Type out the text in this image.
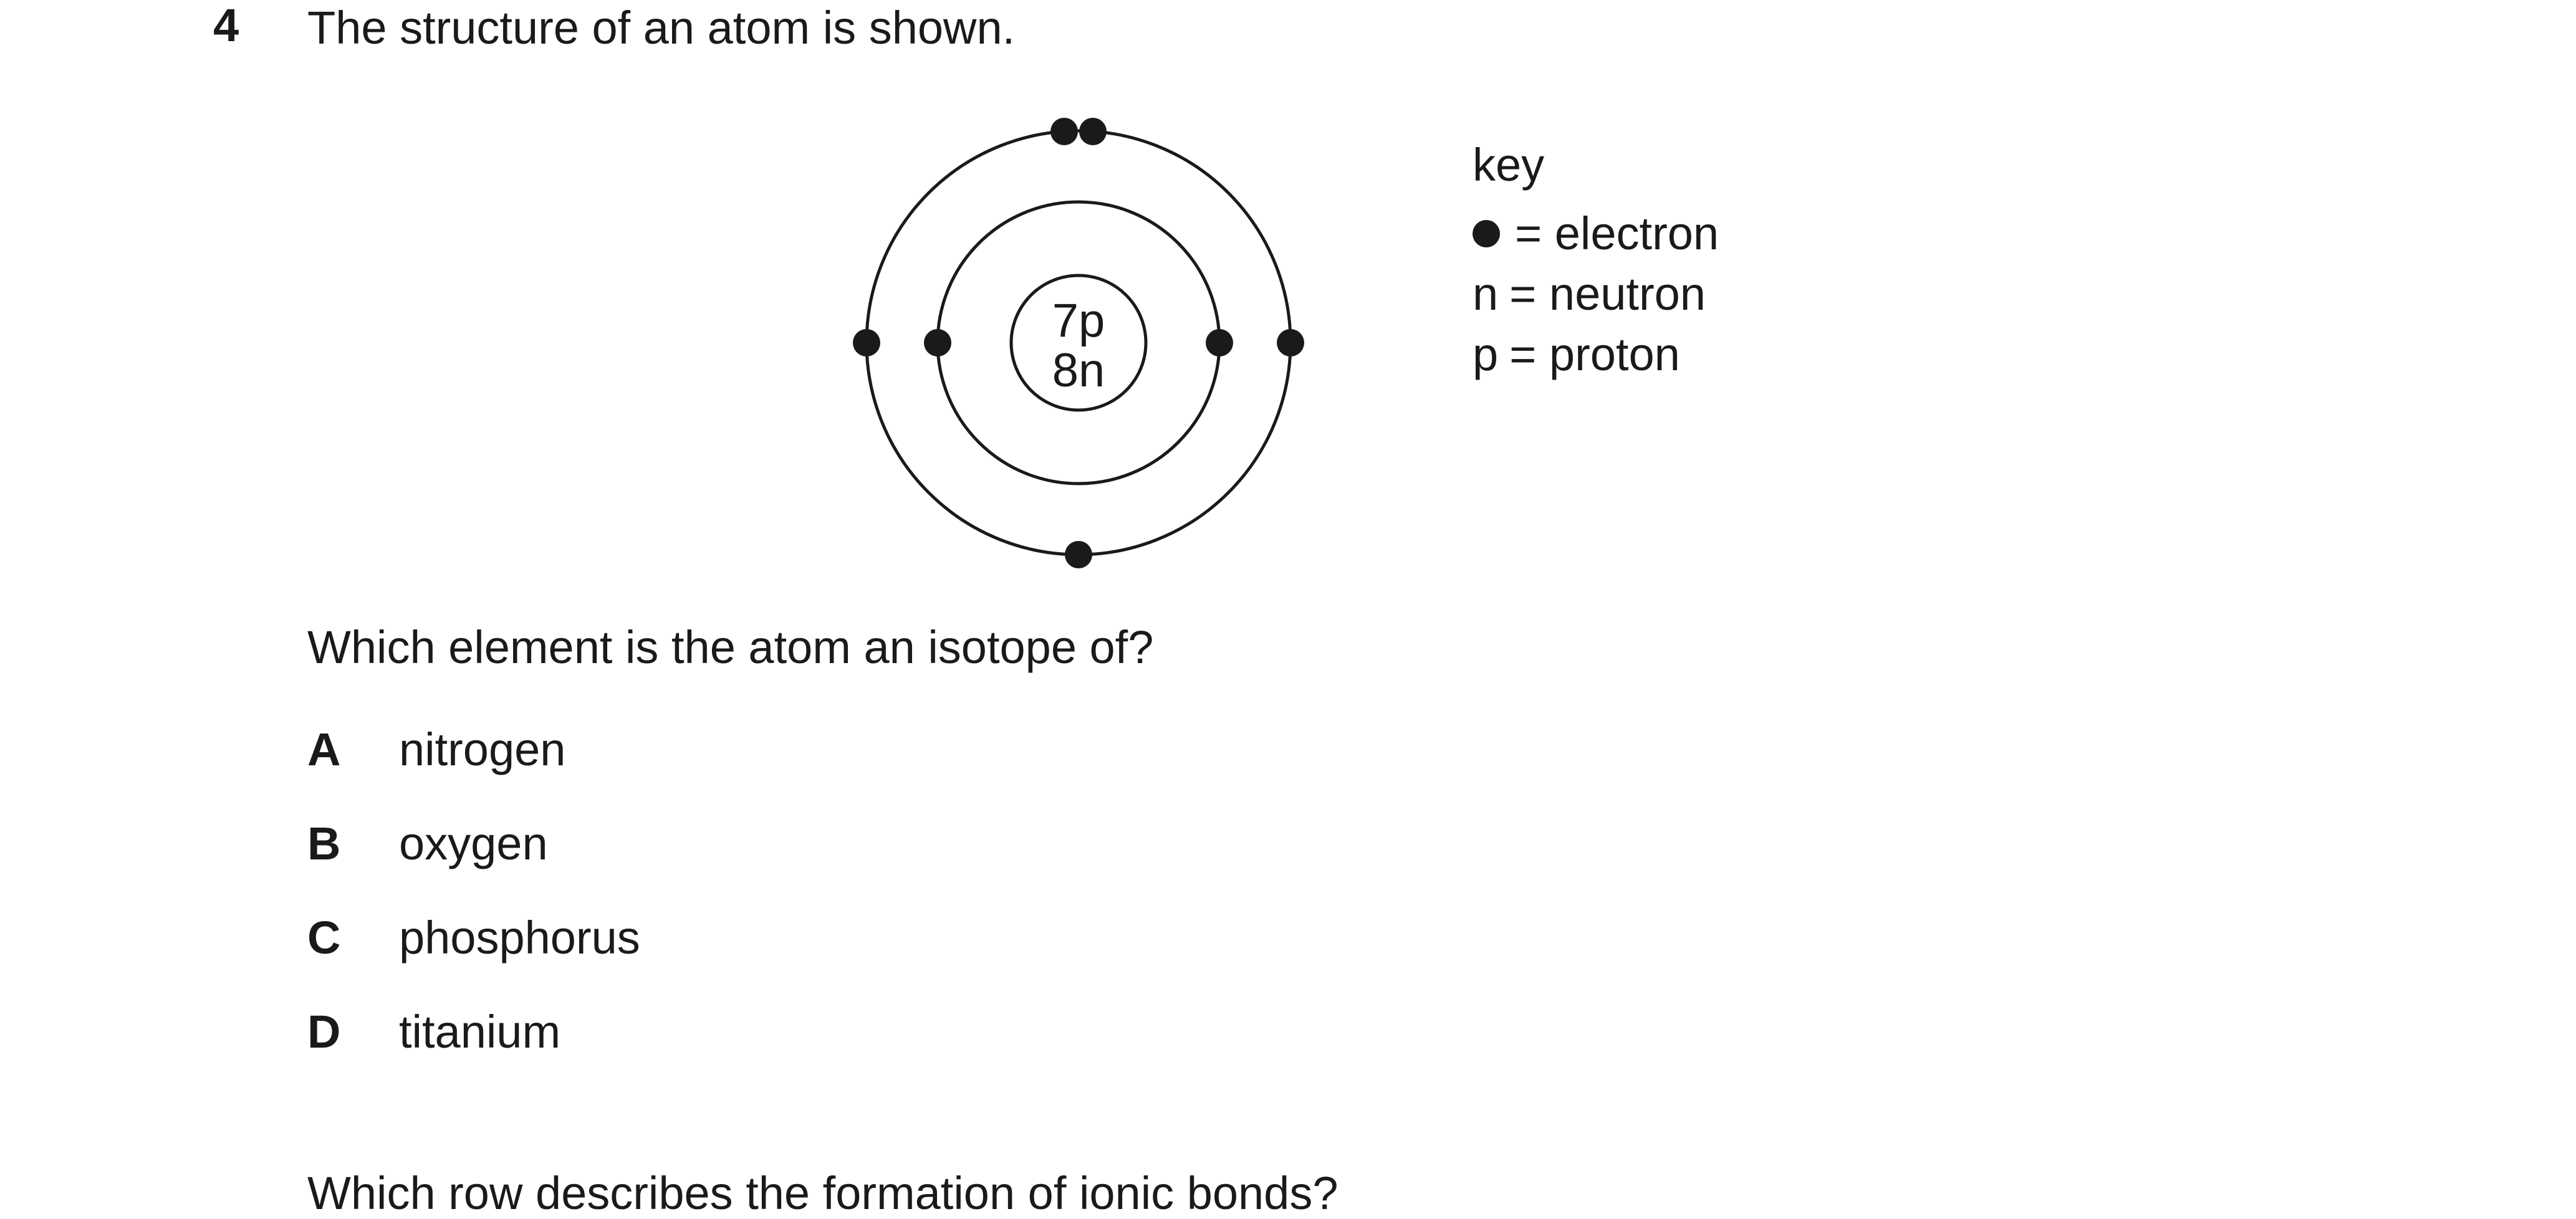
4 The structure of an atom is shown.
7p
8n
key
= electron
n = neutron
p = proton
Which element is the atom an isotope of?
A	nitrogen
B	oxygen
C	phosphorus
D	titanium
Which row describes the formation of ionic bonds?
